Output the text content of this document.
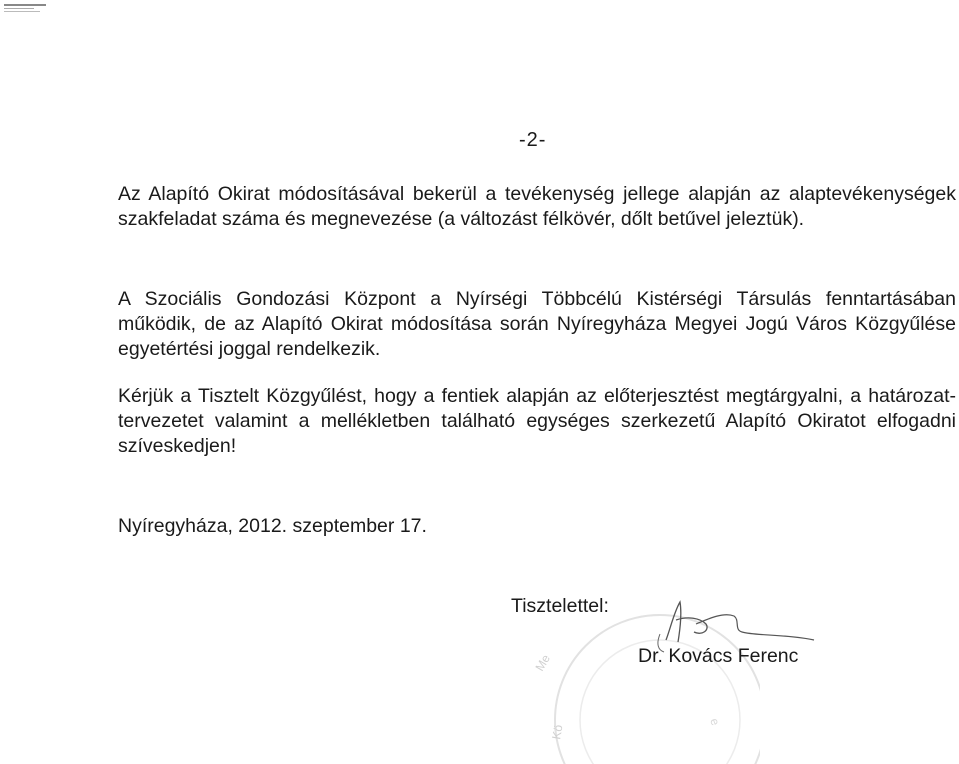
-2-
Az Alapító Okirat módosításával bekerül a tevékenység jellege alapján az alaptevékenységek szakfeladat száma és megnevezése (a változást félkövér, dőlt betűvel jeleztük).
A Szociális Gondozási Központ a Nyírségi Többcélú Kistérségi Társulás fenntartásában működik, de az Alapító Okirat módosítása során Nyíregyháza Megyei Jogú Város Közgyűlése egyetértési joggal rendelkezik.
Kérjük a Tisztelt Közgyűlést, hogy a fentiek alapján az előterjesztést megtárgyalni, a határozat-tervezetet valamint a mellékletben található egységes szerkezetű Alapító Okiratot elfogadni szíveskedjen!
Nyíregyháza, 2012. szeptember 17.
Me
Kö
e
Tisztelettel:
Dr. Kovács Ferenc
